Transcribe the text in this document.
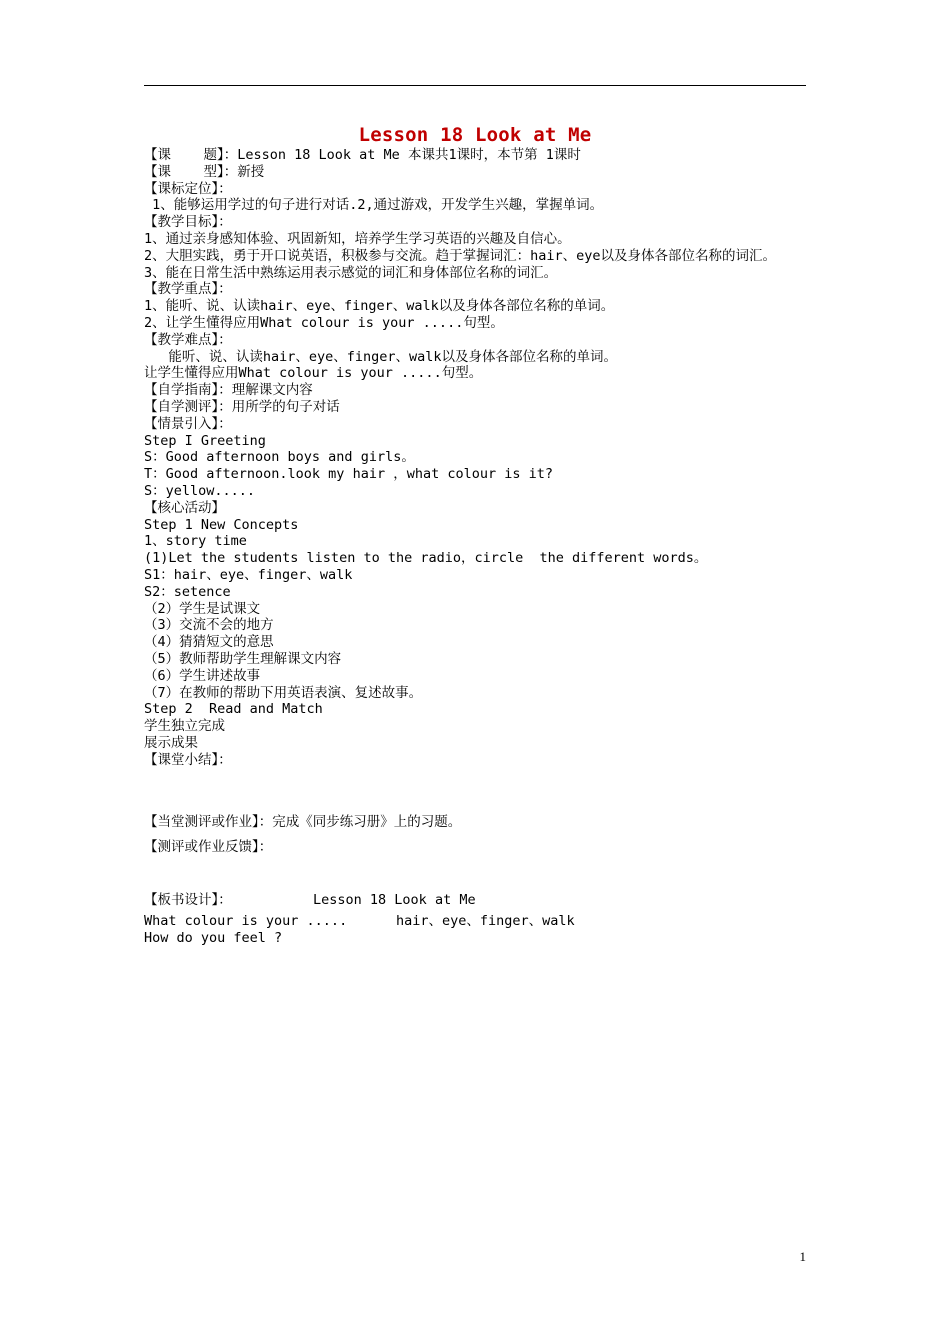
Lesson 18 Look at Me
【课    题】：Lesson 18 Look at Me 本课共1课时，本节第 1课时
【课    型】：新授
【课标定位】：
1、能够运用学过的句子进行对话.2,通过游戏，开发学生兴趣，掌握单词。
【教学目标】：
1、通过亲身感知体验、巩固新知，培养学生学习英语的兴趣及自信心。
2、大胆实践，勇于开口说英语，积极参与交流。趋于掌握词汇：hair、eye以及身体各部位名称的词汇。
3、能在日常生活中熟练运用表示感觉的词汇和身体部位名称的词汇。
【教学重点】：
1、能听、说、认读hair、eye、finger、walk以及身体各部位名称的单词。
2、让学生懂得应用What colour is your .....句型。
【教学难点】：
能听、说、认读hair、eye、finger、walk以及身体各部位名称的单词。
让学生懂得应用What colour is your .....句型。
【自学指南】：理解课文内容
【自学测评】：用所学的句子对话
【情景引入】：
Step I Greeting
S：Good afternoon boys and girls。
T：Good afternoon.look my hair ，what colour is it?
S：yellow.....
【核心活动】
Step 1 New Concepts
1、story time
(1)Let the students listen to the radio，circle  the different words。
S1：hair、eye、finger、walk
S2：setence
（2）学生是试课文
（3）交流不会的地方
（4）猜猜短文的意思
（5）教师帮助学生理解课文内容
（6）学生讲述故事
（7）在教师的帮助下用英语表演、复述故事。
Step 2  Read and Match
学生独立完成
展示成果
【课堂小结】：
【当堂测评或作业】：完成《同步练习册》上的习题。
【测评或作业反馈】：
【板书设计】：          Lesson 18 Look at Me
What colour is your .....      hair、eye、finger、walk
How do you feel ?
1
